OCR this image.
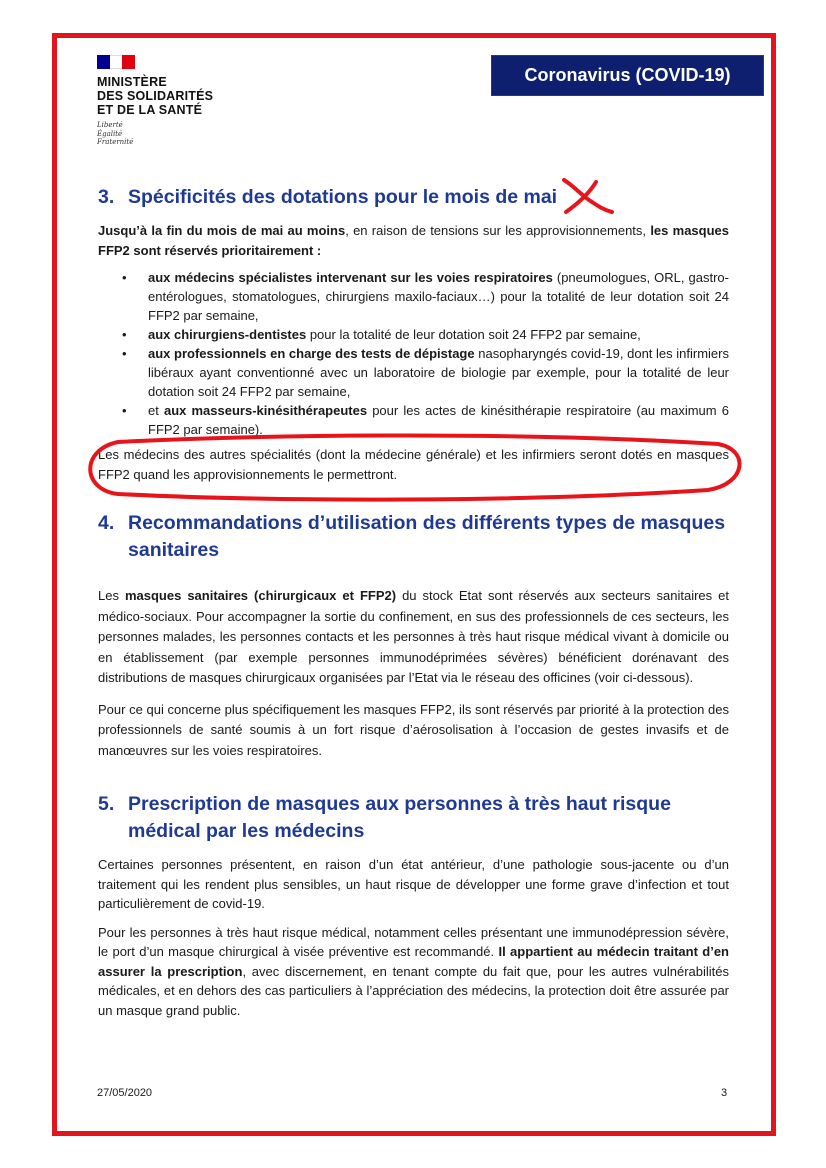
MINISTÈRE
DES SOLIDARITÉS
ET DE LA SANTÉ
Liberté
Égalité
Fraternité
Coronavirus (COVID-19)
3. Spécificités des dotations pour le mois de mai

Jusqu’à la fin du mois de mai au moins, en raison de tensions sur les approvisionnements, les masques FFP2 sont réservés prioritairement :

• aux médecins spécialistes intervenant sur les voies respiratoires (pneumologues, ORL, gastro-entérologues, stomatologues, chirurgiens maxilo-faciaux…) pour la totalité de leur dotation soit 24 FFP2 par semaine,
• aux chirurgiens-dentistes pour la totalité de leur dotation soit 24 FFP2 par semaine,
• aux professionnels en charge des tests de dépistage nasopharyngés covid-19, dont les infirmiers libéraux ayant conventionné avec un laboratoire de biologie par exemple, pour la totalité de leur dotation soit 24 FFP2 par semaine,
• et aux masseurs-kinésithérapeutes pour les actes de kinésithérapie respiratoire (au maximum 6 FFP2 par semaine).

Les médecins des autres spécialités (dont la médecine générale) et les infirmiers seront dotés en masques FFP2 quand les approvisionnements le permettront.

4. Recommandations d’utilisation des différents types de masques sanitaires

Les masques sanitaires (chirurgicaux et FFP2) du stock Etat sont réservés aux secteurs sanitaires et médico-sociaux. Pour accompagner la sortie du confinement, en sus des professionnels de ces secteurs, les personnes malades, les personnes contacts et les personnes à très haut risque médical vivant à domicile ou en établissement (par exemple personnes immunodéprimées sévères) bénéficient dorénavant des distributions de masques chirurgicaux organisées par l’Etat via le réseau des officines (voir ci-dessous).

Pour ce qui concerne plus spécifiquement les masques FFP2, ils sont réservés par priorité à la protection des professionnels de santé soumis à un fort risque d’aérosolisation à l’occasion de gestes invasifs et de manœuvres sur les voies respiratoires.

5. Prescription de masques aux personnes à très haut risque médical par les médecins

Certaines personnes présentent, en raison d’un état antérieur, d’une pathologie sous-jacente ou d’un traitement qui les rendent plus sensibles, un haut risque de développer une forme grave d’infection et tout particulièrement de covid-19.

Pour les personnes à très haut risque médical, notamment celles présentant une immunodépression sévère, le port d’un masque chirurgical à visée préventive est recommandé. Il appartient au médecin traitant d’en assurer la prescription, avec discernement, en tenant compte du fait que, pour les autres vulnérabilités médicales, et en dehors des cas particuliers à l’appréciation des médecins, la protection doit être assurée par un masque grand public.

27/05/2020	3
